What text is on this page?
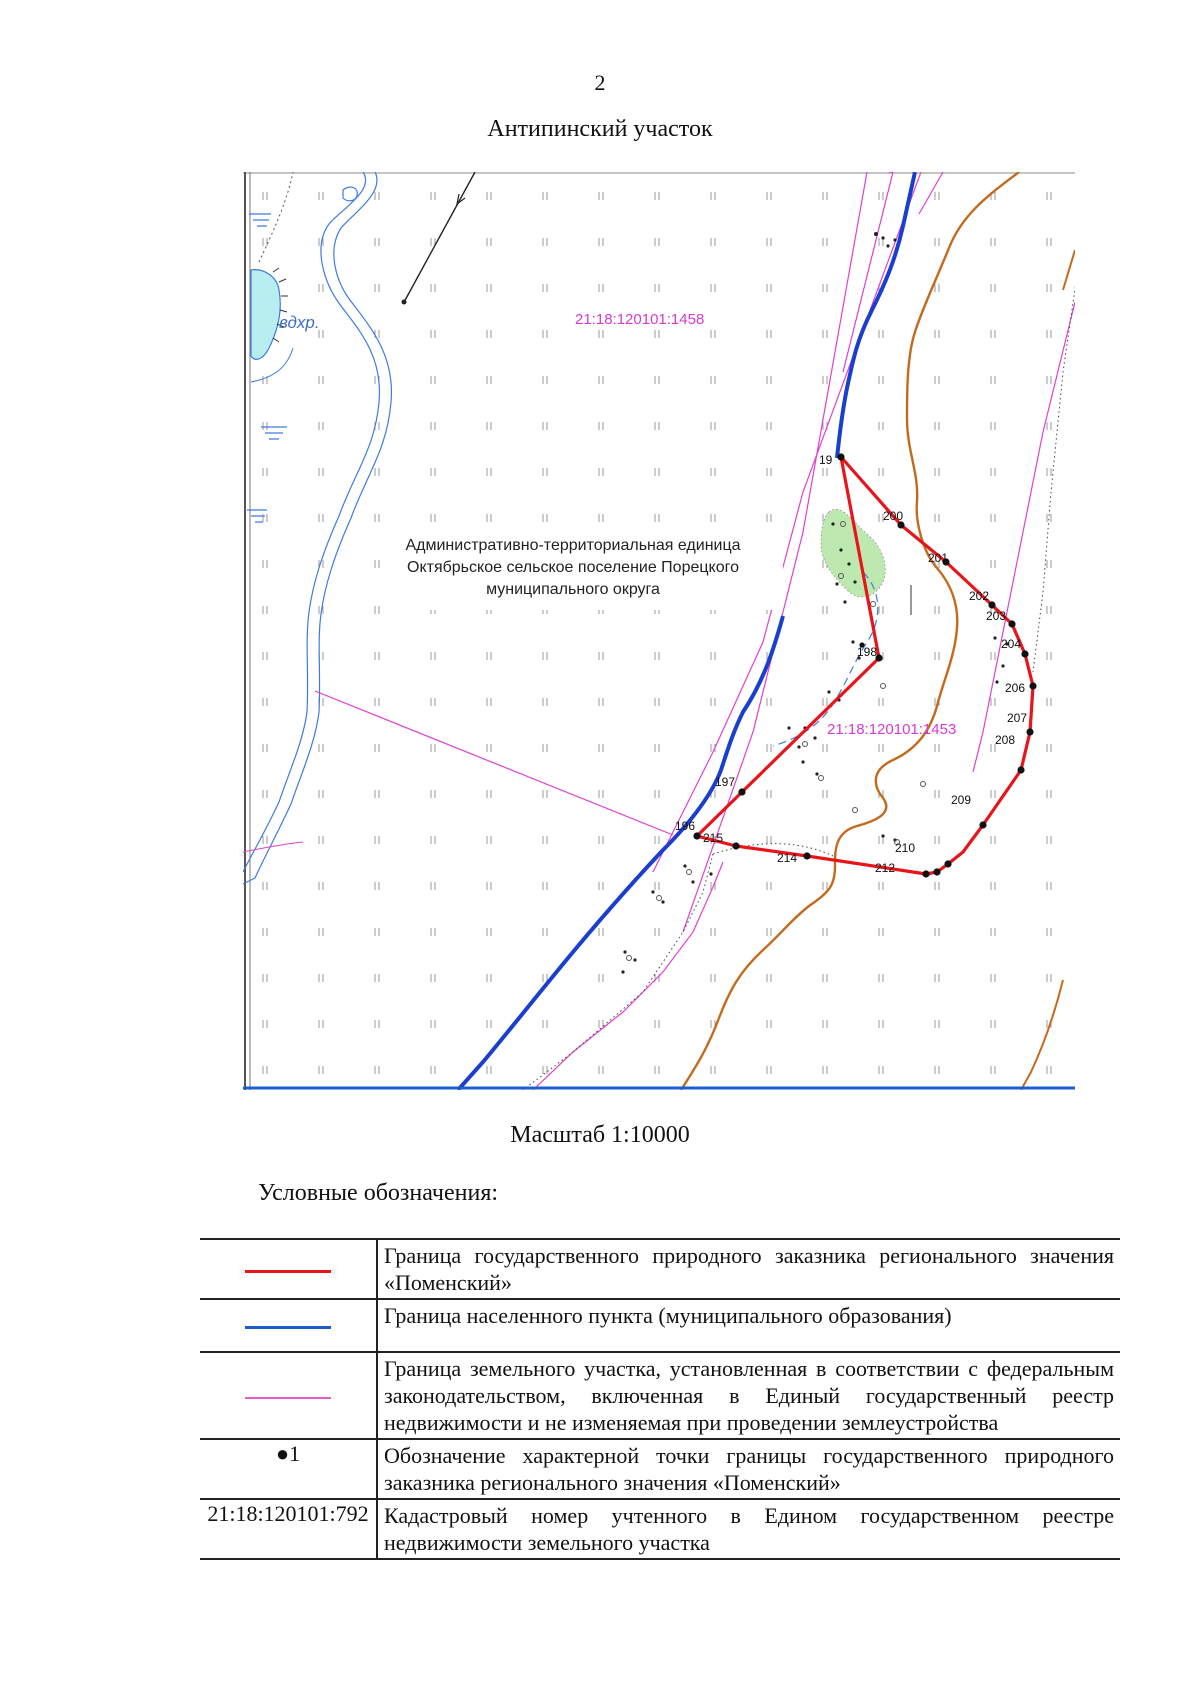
2
Антипинский участок
вдхр.
19
196
197
198
200
201
202
203
204
206
207
208
209
210
212
214
215
21:18:120101:1458
21:18:120101:1453
Административно-территориальная единица
Октябрьское сельское поселение Порецкого
муниципального округа
Масштаб 1:10000
Условные обозначения:
	Граница государственного природного заказника регионального значения «Поменский»
	Граница населенного пункта (муниципального образования)
	Граница земельного участка, установленная в соответствии с федеральным законодательством, включенная в Единый государственный реестр недвижимости и не изменяемая при проведении землеустройства
●1	Обозначение характерной точки границы государственного природного заказника регионального значения «Поменский»
21:18:120101:792	Кадастровый номер учтенного в Едином государственном реестре недвижимости земельного участка
